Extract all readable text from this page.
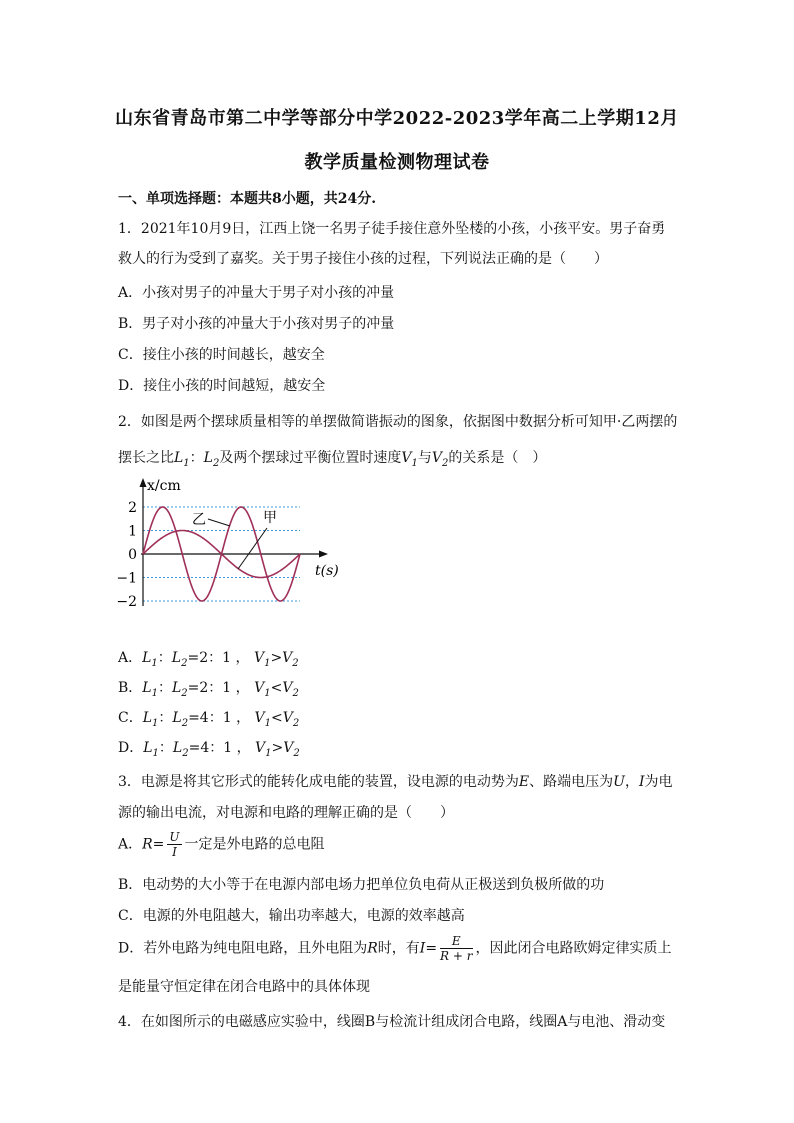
山东省青岛市第二中学等部分中学2022-2023学年高二上学期12月
教学质量检测物理试卷
一、单项选择题：本题共8小题，共24分.
1．2021年10月9日，江西上饶一名男子徒手接住意外坠楼的小孩，小孩平安。男子奋勇
救人的行为受到了嘉奖。关于男子接住小孩的过程，下列说法正确的是（　　）
A．小孩对男子的冲量大于男子对小孩的冲量
B．男子对小孩的冲量大于小孩对男子的冲量
C．接住小孩的时间越长，越安全
D．接住小孩的时间越短，越安全
2．如图是两个摆球质量相等的单摆做简谐振动的图象，依据图中数据分析可知甲·乙两摆的
摆长之比$L_1$：$L_2$及两个摆球过平衡位置时速度$V_1$与$V_2$的关系是（　）
x/cm
t(s)
2
1
0
−1
−2
乙	甲
A．$L_1$：$L_2=2$：1 ， $V_1>V_2$
B．$L_1$：$L_2=2$：1 ， $V_1<V_2$
C．$L_1$：$L_2=4$：1 ， $V_1<V_2$
D．$L_1$：$L_2=4$：1 ， $V_1>V_2$
3．电源是将其它形式的能转化成电能的装置，设电源的电动势为E、路端电压为U，I为电
源的输出电流，对电源和电路的理解正确的是（　　）
A．$R= \frac{U}{I}$ 一定是外电路的总电阻
B．电动势的大小等于在电源内部电场力把单位负电荷从正极送到负极所做的功
C．电源的外电阻越大，输出功率越大，电源的效率越高
D．若外电路为纯电阻电路，且外电阻为R时，有$I= \frac{E}{R + r}$ ，因此闭合电路欧姆定律实质上
是能量守恒定律在闭合电路中的具体体现
4．在如图所示的电磁感应实验中，线圈B与检流计组成闭合电路，线圈A与电池、滑动变
